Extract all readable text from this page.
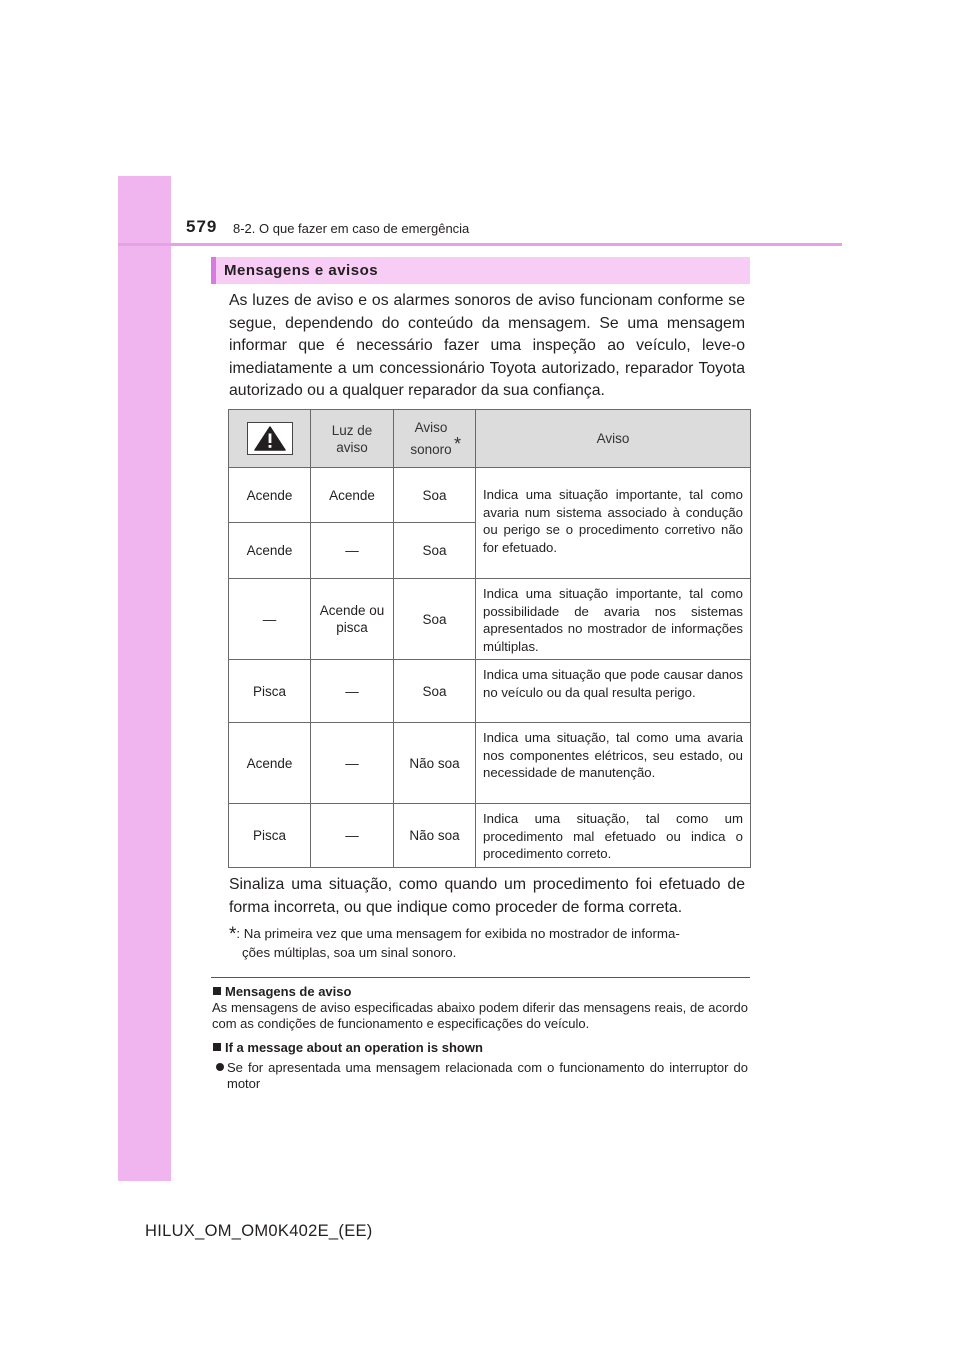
579 8-2. O que fazer em caso de emergência
Mensagens e avisos
As luzes de aviso e os alarmes sonoros de aviso funcionam conforme se segue, dependendo do conteúdo da mensagem. Se uma mensagem informar que é necessário fazer uma inspeção ao veículo, leve-o imediatamente a um concessionário Toyota autorizado, reparador Toyota autorizado ou a qualquer reparador da sua confiança.
	Luz de aviso	Aviso sonoro *	Aviso
Acende	Acende	Soa	Indica uma situação importante, tal como avaria num sistema associado à condução ou perigo se o procedimento corretivo não for efetuado.
Acende	—	Soa	
—	Acende ou pisca	Soa	Indica uma situação importante, tal como possibilidade de avaria nos sistemas apresentados no mostrador de informações múltiplas.
Pisca	—	Soa	Indica uma situação que pode causar danos no veículo ou da qual resulta perigo.
Acende	—	Não soa	Indica uma situação, tal como uma avaria nos componentes elétricos, seu estado, ou necessidade de manutenção.
Pisca	—	Não soa	Indica uma situação, tal como um procedimento mal efetuado ou indica o procedimento correto.
Sinaliza uma situação, como quando um procedimento foi efetuado de forma incorreta, ou que indique como proceder de forma correta.
*: Na primeira vez que uma mensagem for exibida no mostrador de informa-
ções múltiplas, soa um sinal sonoro.
Mensagens de aviso
As mensagens de aviso especificadas abaixo podem diferir das mensagens reais, de acordo com as condições de funcionamento e especificações do veículo.
If a message about an operation is shown
Se for apresentada uma mensagem relacionada com o funcionamento do interruptor do motor
HILUX_OM_OM0K402E_(EE)
